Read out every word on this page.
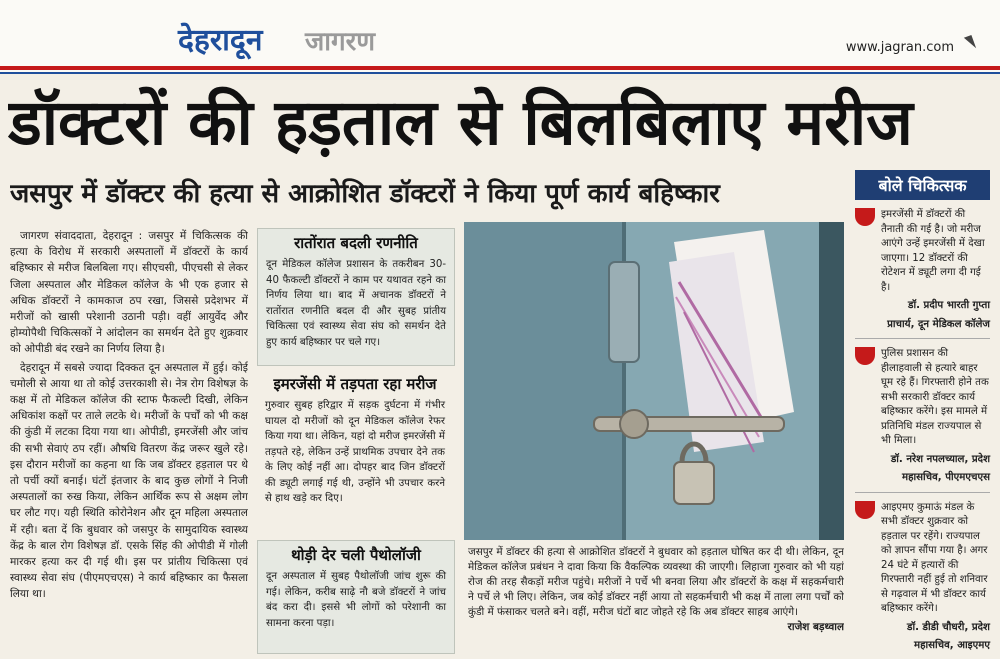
देहरादून जागरण	www.jagran.com
डॉक्टरों की हड़ताल से बिलबिलाए मरीज
जसपुर में डॉक्टर की हत्या से आक्रोशित डॉक्टरों ने किया पूर्ण कार्य बहिष्कार

जागरण संवाददाता, देहरादून : जसपुर में चिकित्सक की हत्या के विरोध में सरकारी अस्पतालों में डॉक्टरों के कार्य बहिष्कार से मरीज बिलबिला गए। सीएचसी, पीएचसी से लेकर जिला अस्पताल और मेडिकल कॉलेज के भी एक हजार से अधिक डॉक्टरों ने कामकाज ठप रखा, जिससे प्रदेशभर में मरीजों को खासी परेशानी उठानी पड़ी। वहीं आयुर्वेद और होम्योपैथी चिकित्सकों ने आंदोलन का समर्थन देते हुए शुक्रवार को ओपीडी बंद रखने का निर्णय लिया है।

देहरादून में सबसे ज्यादा दिक्कत दून अस्पताल में हुई। कोई चमोली से आया था तो कोई उत्तरकाशी से। नेत्र रोग विशेषज्ञ के कक्ष में तो मेडिकल कॉलेज की स्टाफ फैकल्टी दिखी, लेकिन अधिकांश कक्षों पर ताले लटके थे। मरीजों के पर्चों को भी कक्ष की कुंडी में लटका दिया गया था। ओपीडी, इमरजेंसी और जांच की सभी सेवाएं ठप रहीं। औषधि वितरण केंद्र जरूर खुले रहे। इस दौरान मरीजों का कहना था कि जब डॉक्टर हड़ताल पर थे तो पर्ची क्यों बनाई। घंटों इंतजार के बाद कुछ लोगों ने निजी अस्पतालों का रुख किया, लेकिन आर्थिक रूप से अक्षम लोग घर लौट गए। यही स्थिति कोरोनेशन और दून महिला अस्पताल में रही। बता दें कि बुधवार को जसपुर के सामुदायिक स्वास्थ्य केंद्र के बाल रोग विशेषज्ञ डॉ. एसके सिंह की ओपीडी में गोली मारकर हत्या कर दी गई थी। इस पर प्रांतीय चिकित्सा एवं स्वास्थ्य सेवा संघ (पीएमएचएस) ने कार्य बहिष्कार का फैसला लिया था।

रातोंरात बदली रणनीति
दून मेडिकल कॉलेज प्रशासन के तकरीबन 30-40 फैकल्टी डॉक्टरों ने काम पर यथावत रहने का निर्णय लिया था। बाद में अचानक डॉक्टरों ने रातोंरात रणनीति बदल दी और सुबह प्रांतीय चिकित्सा एवं स्वास्थ्य सेवा संघ को समर्थन देते हुए कार्य बहिष्कार पर चले गए।
इमरजेंसी में तड़पता रहा मरीज
गुरुवार सुबह हरिद्वार में सड़क दुर्घटना में गंभीर घायल दो मरीजों को दून मेडिकल कॉलेज रेफर किया गया था। लेकिन, यहां दो मरीज इमरजेंसी में तड़पते रहे, लेकिन उन्हें प्राथमिक उपचार देने तक के लिए कोई नहीं आ। दोपहर बाद जिन डॉक्टरों की ड्यूटी लगाई गई थी, उन्होंने भी उपचार करने से हाथ खड़े कर दिए।
थोड़ी देर चली पैथोलॉजी
दून अस्पताल में सुबह पैथोलॉजी जांच शुरू की गई। लेकिन, करीब साढ़े नौ बजे डॉक्टरों ने जांच बंद करा दी। इससे भी लोगों को परेशानी का सामना करना पड़ा।
जसपुर में डॉक्टर की हत्या से आक्रोशित डॉक्टरों ने बुधवार को हड़ताल घोषित कर दी थी। लेकिन, दून मेडिकल कॉलेज प्रबंधन ने दावा किया कि वैकल्पिक व्यवस्था की जाएगी। लिहाजा गुरुवार को भी यहां रोज की तरह सैकड़ों मरीज पहुंचे। मरीजों ने पर्चे भी बनवा लिया और डॉक्टरों के कक्ष में सहकर्मचारी ने पर्चे ले भी लिए। लेकिन, जब कोई डॉक्टर नहीं आया तो सहकर्मचारी भी कक्ष में ताला लगा पर्चों को कुंडी में फंसाकर चलते बने। वहीं, मरीज घंटों बाट जोहते रहे कि अब डॉक्टर साहब आएंगे।
राजेश बड़थ्वाल
बोले चिकित्सक
इमरजेंसी में डॉक्टरों की तैनाती की गई है। जो मरीज आएंगे उन्हें इमरजेंसी में देखा जाएगा। 12 डॉक्टरों की रोटेशन में ड्यूटी लगा दी गई है।
डॉ. प्रदीप भारती गुप्ता
प्राचार्य, दून मेडिकल कॉलेज
पुलिस प्रशासन की हीलाहवाली से हत्यारे बाहर घूम रहे हैं। गिरफ्तारी होने तक सभी सरकारी डॉक्टर कार्य बहिष्कार करेंगे। इस मामले में प्रतिनिधि मंडल राज्यपाल से भी मिला।
डॉ. नरेश नपलच्याल, प्रदेश
महासचिव, पीएमएचएस
आइएमए कुमाऊं मंडल के सभी डॉक्टर शुक्रवार को हड़ताल पर रहेंगे। राज्यपाल को ज्ञापन सौंपा गया है। अगर 24 घंटे में हत्यारों की गिरफ्तारी नहीं हुई तो शनिवार से गढ़वाल में भी डॉक्टर कार्य बहिष्कार करेंगे।
डॉ. डीडी चौधरी, प्रदेश
महासचिव, आइएमए
